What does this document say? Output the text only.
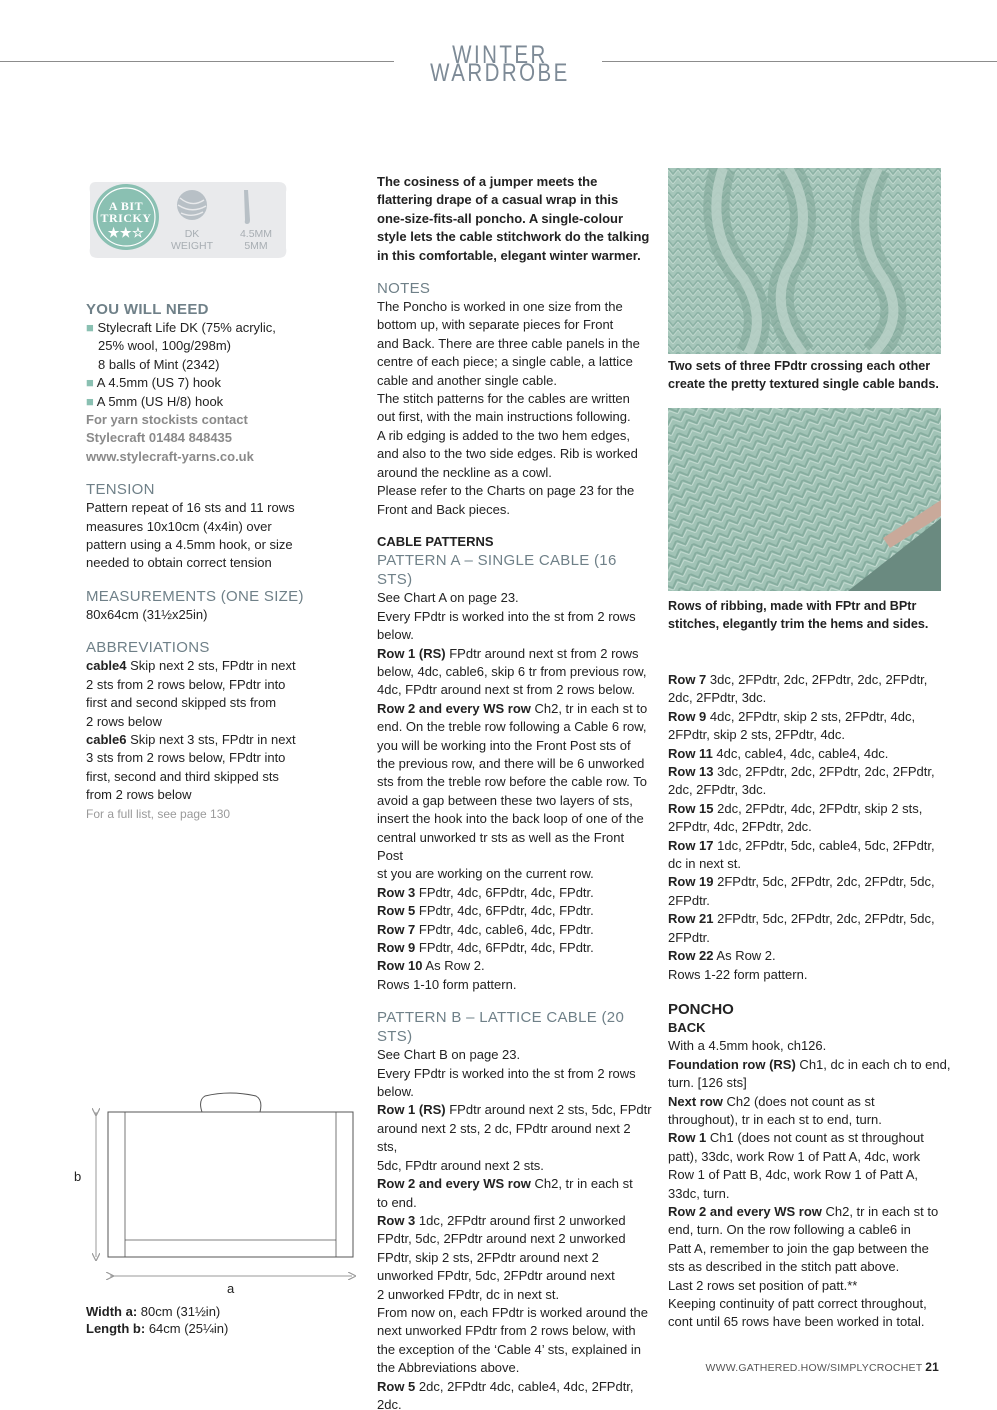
WINTER WARDROBE
A BIT
TRICKY
★★☆	DK
WEIGHT
4.5MM
5MM
YOU WILL NEED
■ Stylecraft Life DK (75% acrylic,
25% wool, 100g/298m)
8 balls of Mint (2342)
■ A 4.5mm (US 7) hook
■ A 5mm (US H/8) hook
For yarn stockists contact
Stylecraft 01484 848435
www.stylecraft-yarns.co.uk
TENSION
Pattern repeat of 16 sts and 11 rows
measures 10x10cm (4x4in) over
pattern using a 4.5mm hook, or size
needed to obtain correct tension
MEASUREMENTS (ONE SIZE)
80x64cm (31½x25in)
ABBREVIATIONS
cable4 Skip next 2 sts, FPdtr in next
2 sts from 2 rows below, FPdtr into
first and second skipped sts from
2 rows below
cable6 Skip next 3 sts, FPdtr in next
3 sts from 2 rows below, FPdtr into
first, second and third skipped sts
from 2 rows below
For a full list, see page 130
b
a
Width a: 80cm (31½in)
Length b: 64cm (25¼in)
The cosiness of a jumper meets the
flattering drape of a casual wrap in this
one-size-fits-all poncho. A single-colour
style lets the cable stitchwork do the talking
in this comfortable, elegant winter warmer.
NOTES
The Poncho is worked in one size from the
bottom up, with separate pieces for Front
and Back. There are three cable panels in the
centre of each piece; a single cable, a lattice
cable and another single cable.
The stitch patterns for the cables are written
out first, with the main instructions following.
A rib edging is added to the two hem edges,
and also to the two side edges. Rib is worked
around the neckline as a cowl.
Please refer to the Charts on page 23 for the
Front and Back pieces.
CABLE PATTERNS
PATTERN A – SINGLE CABLE (16 STS)
See Chart A on page 23.
Every FPdtr is worked into the st from 2 rows
below.
Row 1 (RS) FPdtr around next st from 2 rows
below, 4dc, cable6, skip 6 tr from previous row,
4dc, FPdtr around next st from 2 rows below.
Row 2 and every WS row Ch2, tr in each st to
end. On the treble row following a Cable 6 row,
you will be working into the Front Post sts of
the previous row, and there will be 6 unworked
sts from the treble row before the cable row. To
avoid a gap between these two layers of sts,
insert the hook into the back loop of one of the
central unworked tr sts as well as the Front Post
st you are working on the current row.
Row 3 FPdtr, 4dc, 6FPdtr, 4dc, FPdtr.
Row 5 FPdtr, 4dc, 6FPdtr, 4dc, FPdtr.
Row 7 FPdtr, 4dc, cable6, 4dc, FPdtr.
Row 9 FPdtr, 4dc, 6FPdtr, 4dc, FPdtr.
Row 10 As Row 2.
Rows 1-10 form pattern.
PATTERN B – LATTICE CABLE (20 STS)
See Chart B on page 23.
Every FPdtr is worked into the st from 2 rows
below.
Row 1 (RS) FPdtr around next 2 sts, 5dc, FPdtr
around next 2 sts, 2 dc, FPdtr around next 2 sts,
5dc, FPdtr around next 2 sts.
Row 2 and every WS row Ch2, tr in each st
to end.
Row 3 1dc, 2FPdtr around first 2 unworked
FPdtr, 5dc, 2FPdtr around next 2 unworked
FPdtr, skip 2 sts, 2FPdtr around next 2
unworked FPdtr, 5dc, 2FPdtr around next
2 unworked FPdtr, dc in next st.
From now on, each FPdtr is worked around the
next unworked FPdtr from 2 rows below, with
the exception of the ‘Cable 4’ sts, explained in
the Abbreviations above.
Row 5 2dc, 2FPdtr 4dc, cable4, 4dc, 2FPdtr, 2dc.
Two sets of three FPdtr crossing each other
create the pretty textured single cable bands.
Rows of ribbing, made with FPtr and BPtr
stitches, elegantly trim the hems and sides.
Row 7 3dc, 2FPdtr, 2dc, 2FPdtr, 2dc, 2FPdtr,
2dc, 2FPdtr, 3dc.
Row 9 4dc, 2FPdtr, skip 2 sts, 2FPdtr, 4dc,
2FPdtr, skip 2 sts, 2FPdtr, 4dc.
Row 11 4dc, cable4, 4dc, cable4, 4dc.
Row 13 3dc, 2FPdtr, 2dc, 2FPdtr, 2dc, 2FPdtr,
2dc, 2FPdtr, 3dc.
Row 15 2dc, 2FPdtr, 4dc, 2FPdtr, skip 2 sts,
2FPdtr, 4dc, 2FPdtr, 2dc.
Row 17 1dc, 2FPdtr, 5dc, cable4, 5dc, 2FPdtr,
dc in next st.
Row 19 2FPdtr, 5dc, 2FPdtr, 2dc, 2FPdtr, 5dc,
2FPdtr.
Row 21 2FPdtr, 5dc, 2FPdtr, 2dc, 2FPdtr, 5dc,
2FPdtr.
Row 22 As Row 2.
Rows 1-22 form pattern.
PONCHO
BACK
With a 4.5mm hook, ch126.
Foundation row (RS) Ch1, dc in each ch to end,
turn. [126 sts]
Next row Ch2 (does not count as st
throughout), tr in each st to end, turn.
Row 1 Ch1 (does not count as st throughout
patt), 33dc, work Row 1 of Patt A, 4dc, work
Row 1 of Patt B, 4dc, work Row 1 of Patt A,
33dc, turn.
Row 2 and every WS row Ch2, tr in each st to
end, turn. On the row following a cable6 in
Patt A, remember to join the gap between the
sts as described in the stitch patt above.
Last 2 rows set position of patt.**
Keeping continuity of patt correct throughout,
cont until 65 rows have been worked in total.
WWW.GATHERED.HOW/SIMPLYCROCHET 21
